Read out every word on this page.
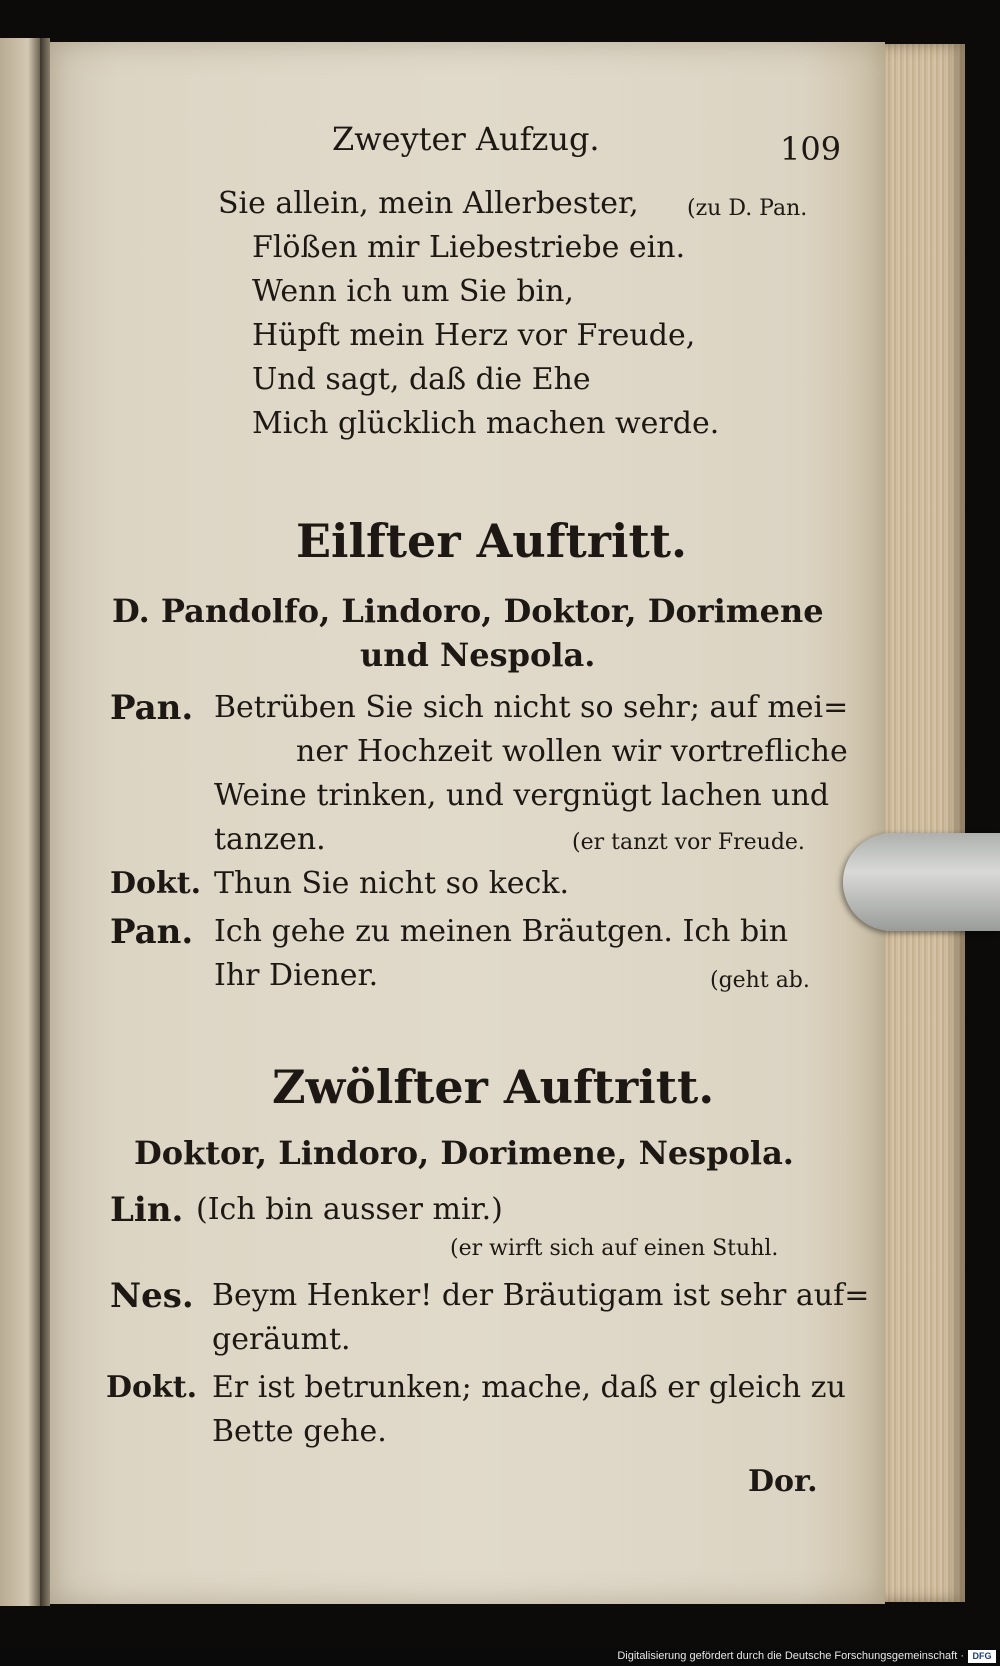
Zweyter Aufzug.	109

Sie allein, mein Allerbester, (zu D. Pan.

Flößen mir Liebestriebe ein.

Wenn ich um Sie bin,

Hüpft mein Herz vor Freude,

Und sagt, daß die Ehe

Mich glücklich machen werde.

Eilfter Auftritt.

D. Pandolfo, Lindoro, Doktor, Dorimene

und Nespola.

Pan. Betrüben Sie sich nicht so sehr; auf mei=

ner Hochzeit wollen wir vortrefliche

Weine trinken, und vergnügt lachen und

tanzen.	(er tanzt vor Freude.

Dokt. Thun Sie nicht so keck.

Pan. Ich gehe zu meinen Bräutgen. Ich bin

Ihr Diener.	(geht ab.

Zwölfter Auftritt.

Doktor, Lindoro, Dorimene, Nespola.

Lin. (Ich bin ausser mir.)

(er wirft sich auf einen Stuhl.

Nes. Beym Henker! der Bräutigam ist sehr auf=

geräumt.

Dokt. Er ist betrunken; mache, daß er gleich zu

Bette gehe.

Dor.

Digitalisierung gefördert durch die Deutsche Forschungsgemeinschaft · DFG
